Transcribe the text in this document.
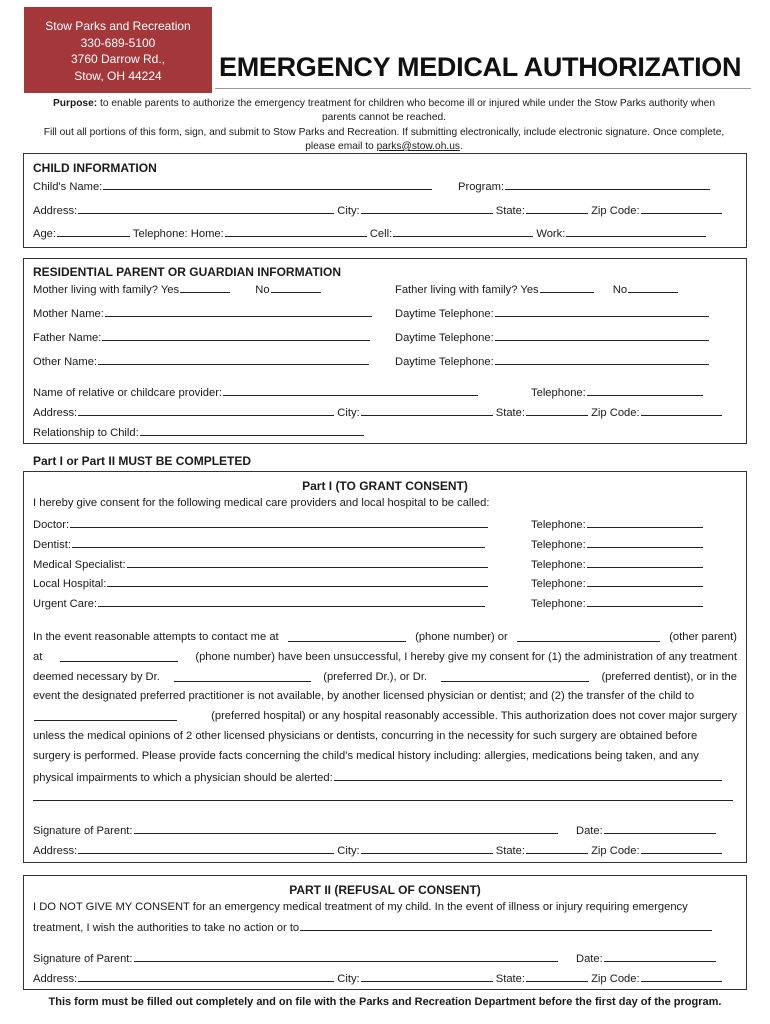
Stow Parks and Recreation
330-689-5100
3760 Darrow Rd.,
Stow, OH 44224	EMERGENCY MEDICAL AUTHORIZATION
Purpose: to enable parents to authorize the emergency treatment for children who become ill or injured while under the Stow Parks authority when
parents cannot be reached.
Fill out all portions of this form, sign, and submit to Stow Parks and Recreation. If submitting electronically, include electronic signature. Once complete,
please email to parks@stow.oh.us.
CHILD INFORMATION
Child's Name:	Program:
Address:	City:	State:	Zip Code:
Age:	Telephone: Home:	Cell:	Work:
RESIDENTIAL PARENT OR GUARDIAN INFORMATION
Mother living with family? Yes	No	Father living with family? Yes	No
Mother Name:	Daytime Telephone:
Father Name:	Daytime Telephone:
Other Name:	Daytime Telephone:
Name of relative or childcare provider:	Telephone:
Address:	City:	State:	Zip Code:
Relationship to Child:
Part I or Part II MUST BE COMPLETED
Part I (TO GRANT CONSENT)
I hereby give consent for the following medical care providers and local hospital to be called:
Doctor:	Telephone:
Dentist:	Telephone:
Medical Specialist:	Telephone:
Local Hospital:	Telephone:
Urgent Care:	Telephone:
In the event reasonable attempts to contact me at	(phone number) or	(other parent)
at	(phone number) have been unsuccessful, I hereby give my consent for (1) the administration of any treatment
deemed necessary by Dr.	(preferred Dr.), or Dr.	(preferred dentist), or in the
event the designated preferred practitioner is not available, by another licensed physician or dentist; and (2) the transfer of the child to
(preferred hospital) or any hospital reasonably accessible. This authorization does not cover major surgery
unless the medical opinions of 2 other licensed physicians or dentists, concurring in the necessity for such surgery are obtained before
surgery is performed. Please provide facts concerning the child’s medical history including: allergies, medications being taken, and any
physical impairments to which a physician should be alerted:
Signature of Parent:	Date:
Address:	City:	State:	Zip Code:
PART II (REFUSAL OF CONSENT)
I DO NOT GIVE MY CONSENT for an emergency medical treatment of my child. In the event of illness or injury requiring emergency
treatment, I wish the authorities to take no action or to
Signature of Parent:	Date:
Address:	City:	State:	Zip Code:
This form must be filled out completely and on file with the Parks and Recreation Department before the first day of the program.
